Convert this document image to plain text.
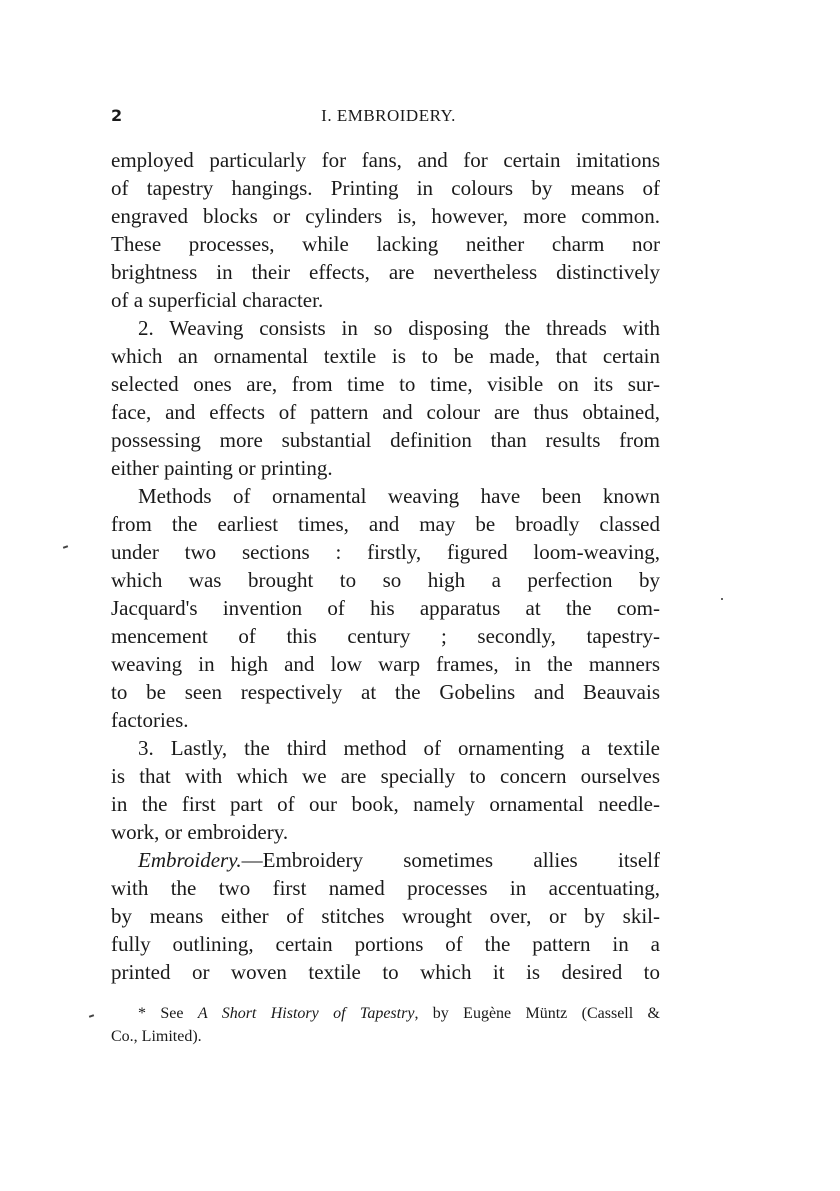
2	I. EMBROIDERY.
employed particularly for fans, and for certain imitations
of tapestry hangings. Printing in colours by means of
engraved blocks or cylinders is, however, more common.
These processes, while lacking neither charm nor
brightness in their effects, are nevertheless distinctively
of a superficial character.
2. Weaving consists in so disposing the threads with
which an ornamental textile is to be made, that certain
selected ones are, from time to time, visible on its sur-
face, and effects of pattern and colour are thus obtained,
possessing more substantial definition than results from
either painting or printing.
Methods of ornamental weaving have been known
from the earliest times, and may be broadly classed
under two sections : firstly, figured loom-weaving,
which was brought to so high a perfection by
Jacquard's invention of his apparatus at the com-
mencement of this century ; secondly, tapestry-
weaving in high and low warp frames, in the manners
to be seen respectively at the Gobelins and Beauvais
factories.
3. Lastly, the third method of ornamenting a textile
is that with which we are specially to concern ourselves
in the first part of our book, namely ornamental needle-
work, or embroidery.
Embroidery.—Embroidery sometimes allies itself
with the two first named processes in accentuating,
by means either of stitches wrought over, or by skil-
fully outlining, certain portions of the pattern in a
printed or woven textile to which it is desired to
* See A Short History of Tapestry, by Eugène Müntz (Cassell &
Co., Limited).
